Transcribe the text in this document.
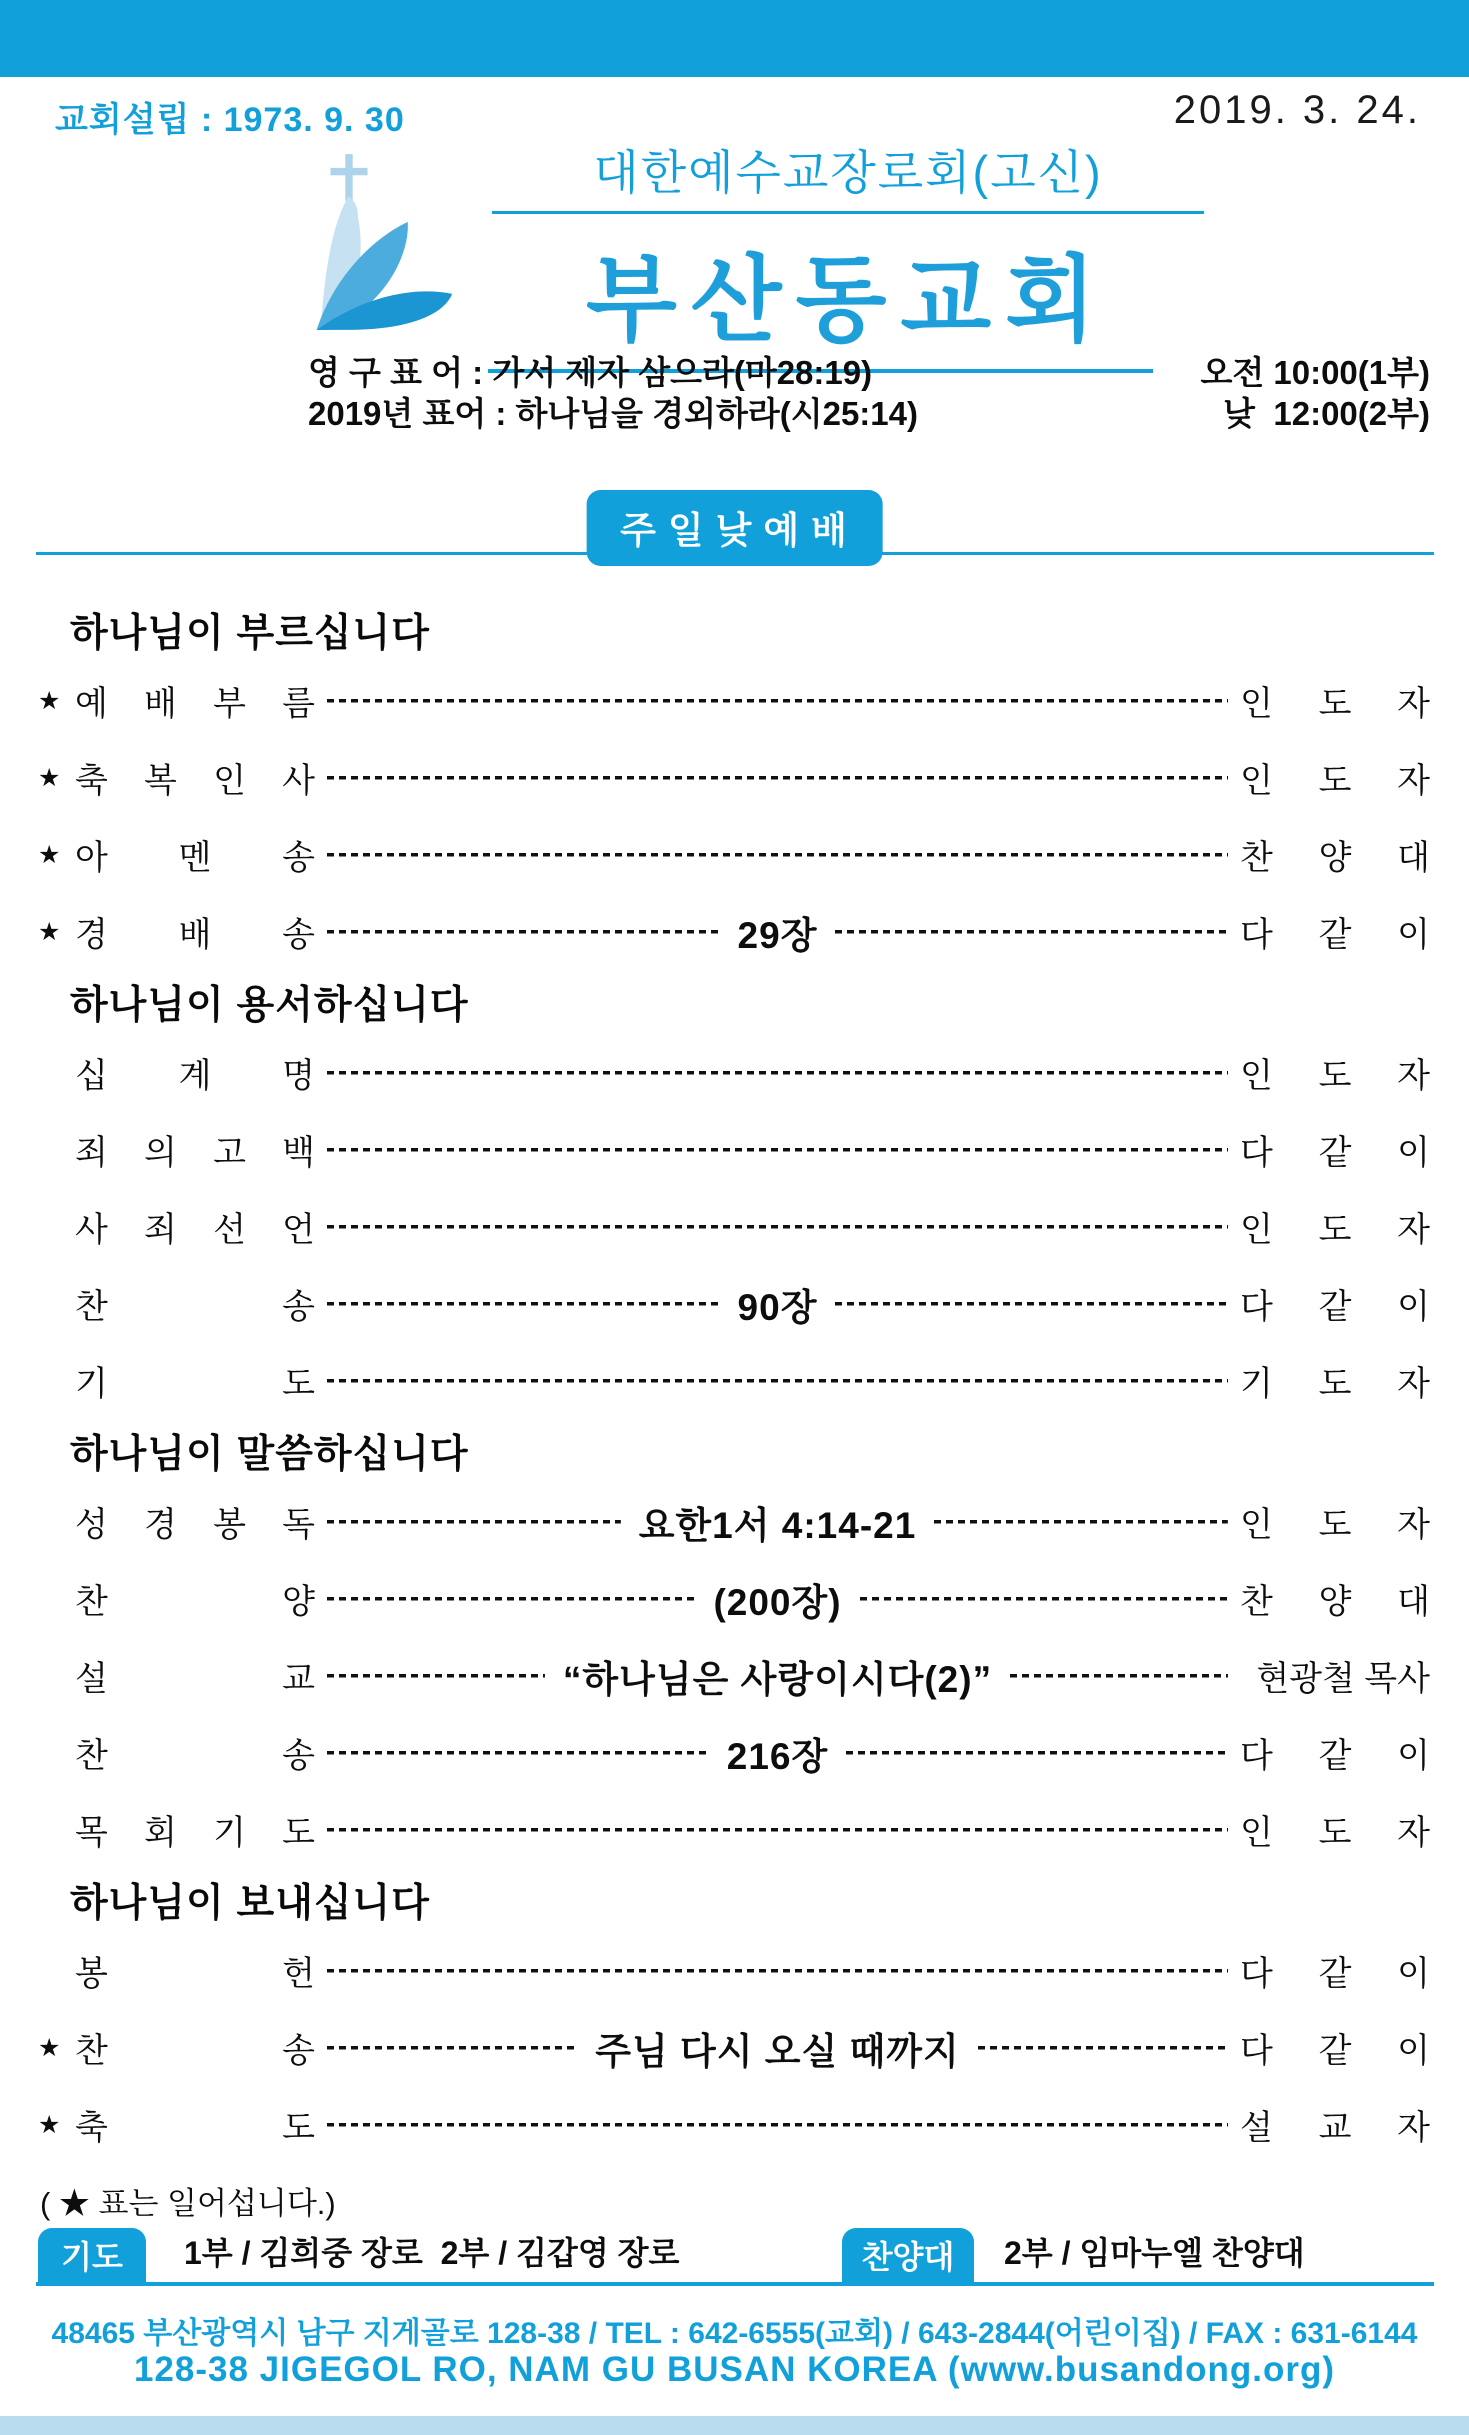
교회설립 : 1973. 9. 30	2019. 3. 24.
대한예수교장로회(고신)
부산동교회
영 구 표 어 : 가서 제자 삼으라(마28:19)	오전 10:00(1부)
2019년 표어 : 하나님을 경외하라(시25:14)	낮  12:00(2부)
주일낮예배
하나님이 부르십니다
★ 예 배 부 름	인 도 자
★ 축 복 인 사	인 도 자
★ 아 멘 송	찬 양 대
★ 경 배 송	29장	다 같 이
하나님이 용서하십니다
십 계 명	인 도 자
죄 의 고 백	다 같 이
사 죄 선 언	인 도 자
찬	송	90장	다 같 이
기	도	기 도 자
하나님이 말씀하십니다
성 경 봉 독	요한1서 4:14-21	인 도 자
찬	양	(200장)	찬 양 대
설	교	“하나님은 사랑이시다(2)”	현광철 목사
찬	송	216장	다 같 이
목 회 기 도	인 도 자
하나님이 보내십니다
봉	헌	다 같 이
★ 찬	송	주님 다시 오실 때까지	다 같 이
★ 축	도	설 교 자
( ★ 표는 일어섭니다.)
기도	1부 / 김희중 장로  2부 / 김갑영 장로	찬양대	2부 / 임마누엘 찬양대
48465 부산광역시 남구 지게골로 128-38 / TEL : 642-6555(교회) / 643-2844(어린이집) / FAX : 631-6144
128-38 JIGEGOL RO, NAM GU BUSAN KOREA (www.busandong.org)
